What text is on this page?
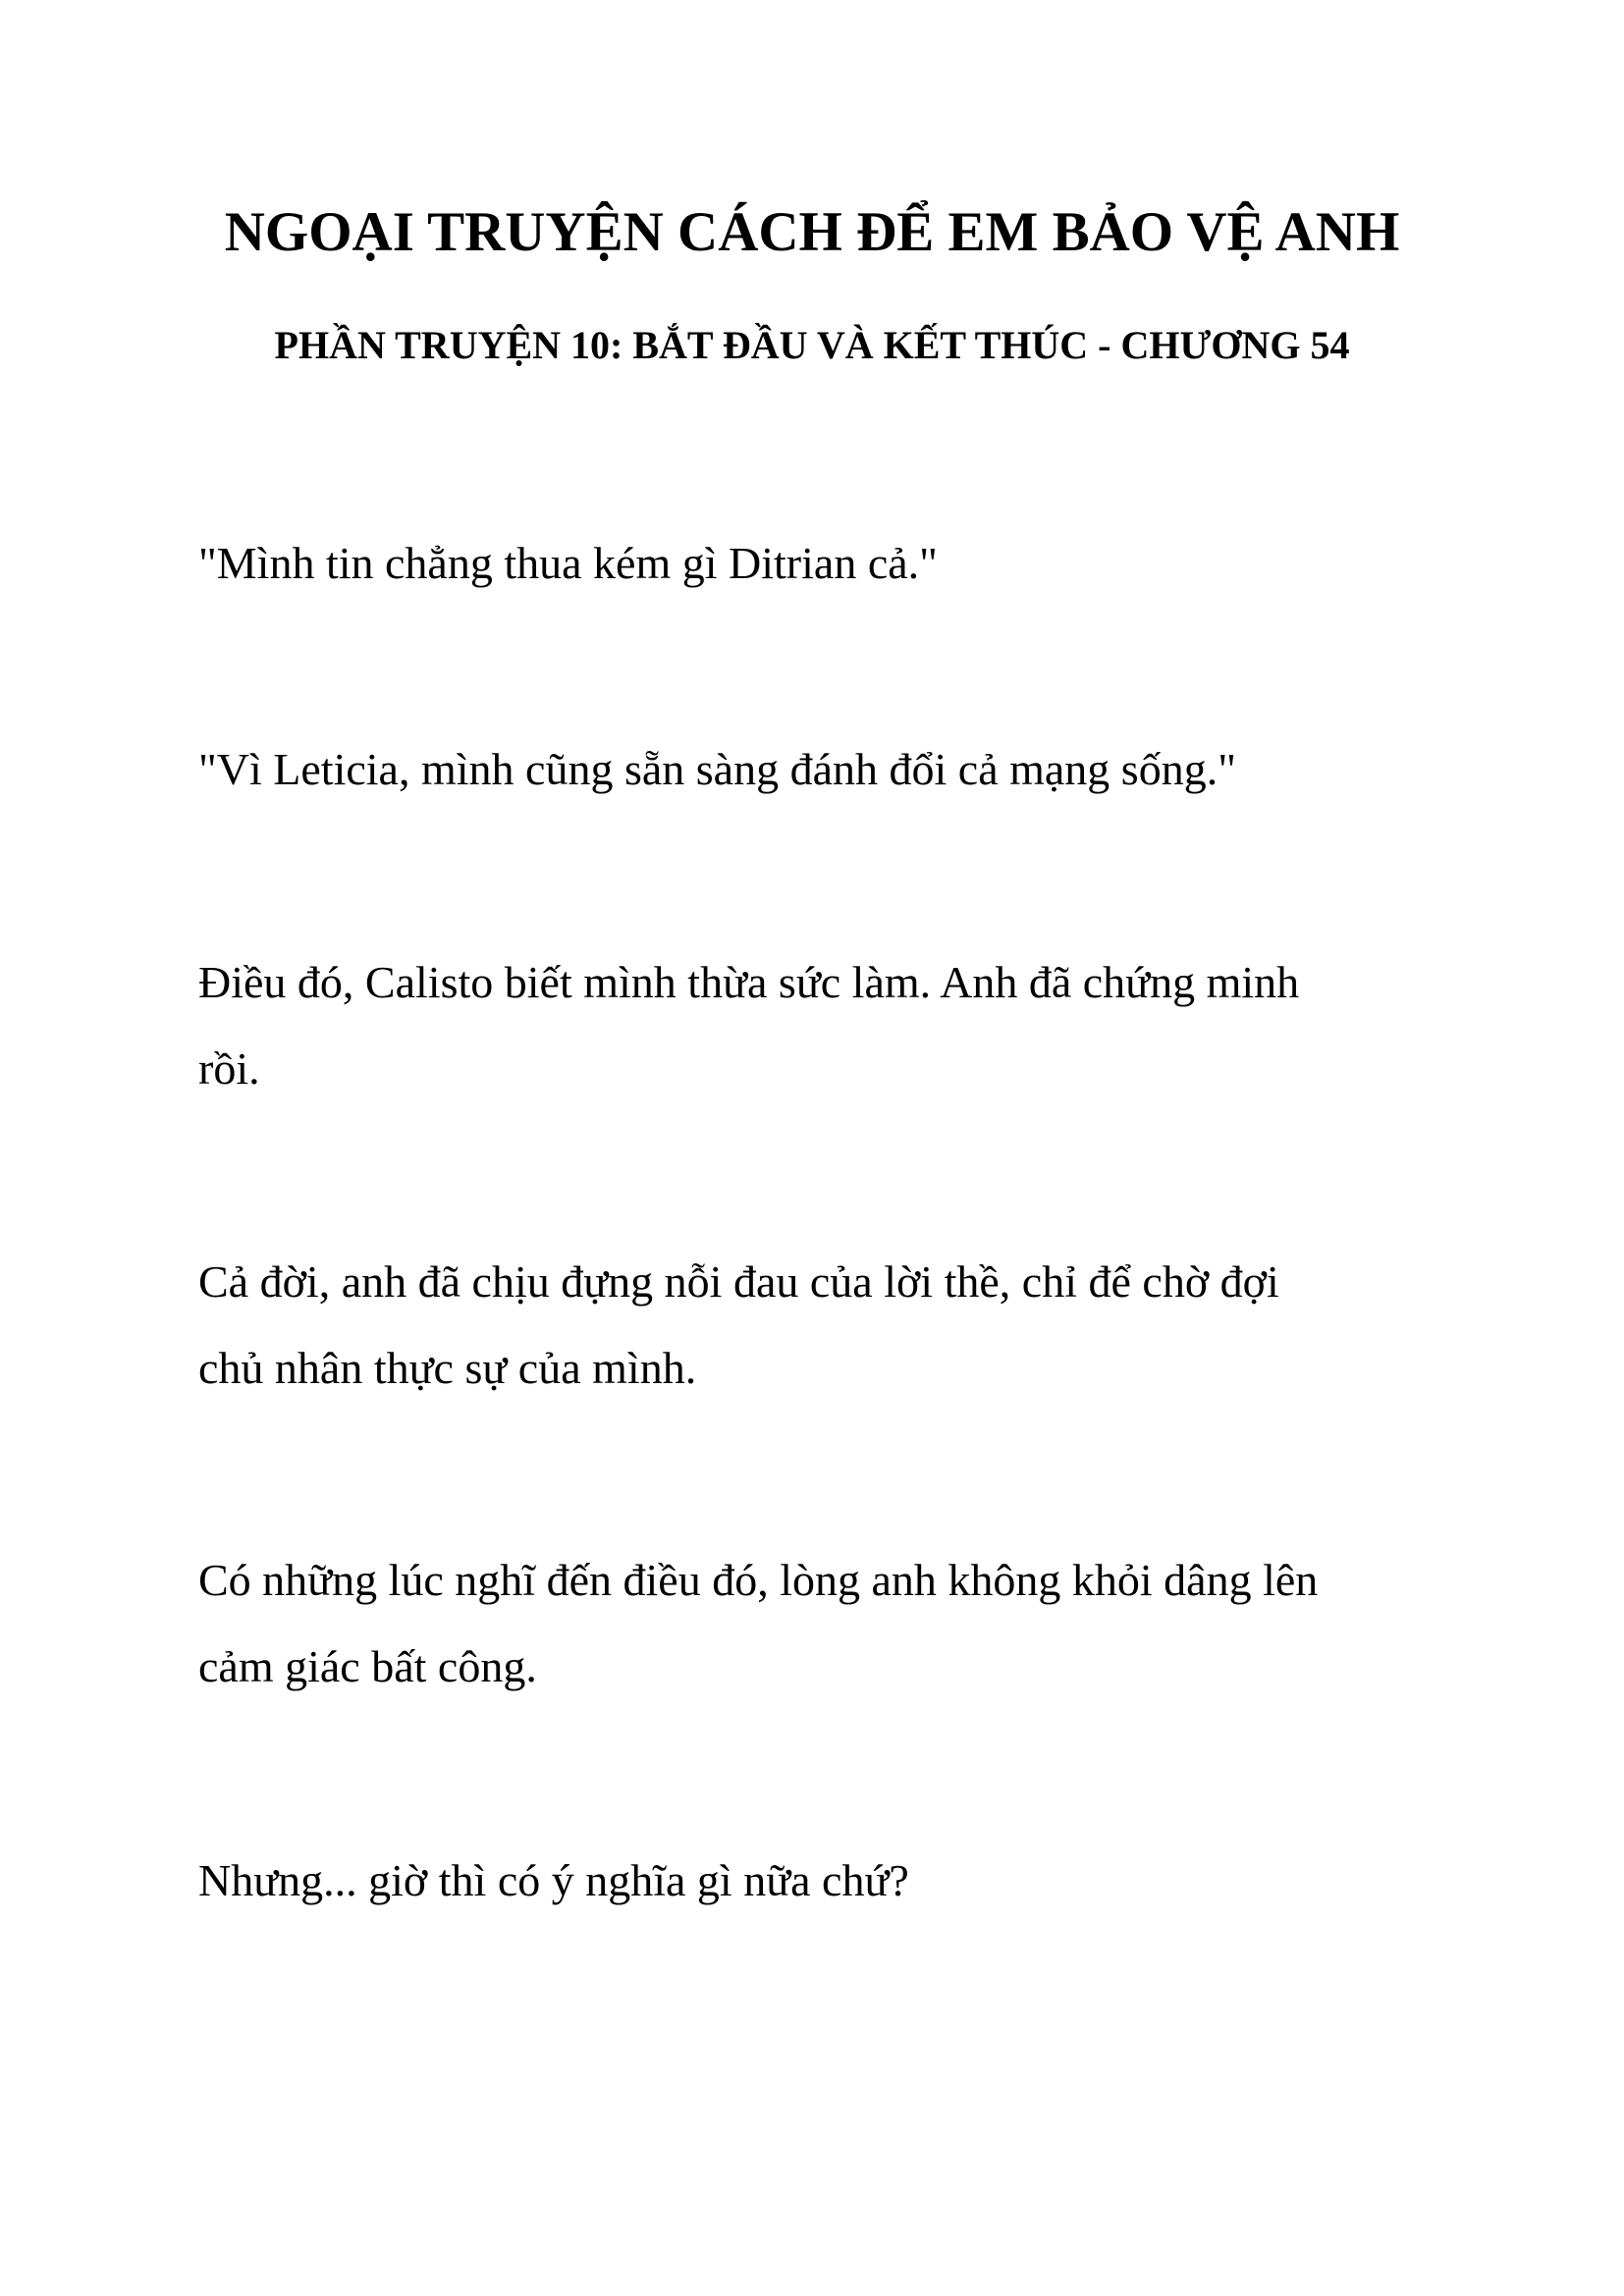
NGOẠI TRUYỆN CÁCH ĐỂ EM BẢO VỆ ANH
PHẦN TRUYỆN 10: BẮT ĐẦU VÀ KẾT THÚC - CHƯƠNG 54

"Mình tin chẳng thua kém gì Ditrian cả."

"Vì Leticia, mình cũng sẵn sàng đánh đổi cả mạng sống."

Điều đó, Calisto biết mình thừa sức làm. Anh đã chứng minh
rồi.

Cả đời, anh đã chịu đựng nỗi đau của lời thề, chỉ để chờ đợi
chủ nhân thực sự của mình.

Có những lúc nghĩ đến điều đó, lòng anh không khỏi dâng lên
cảm giác bất công.

Nhưng... giờ thì có ý nghĩa gì nữa chứ?
